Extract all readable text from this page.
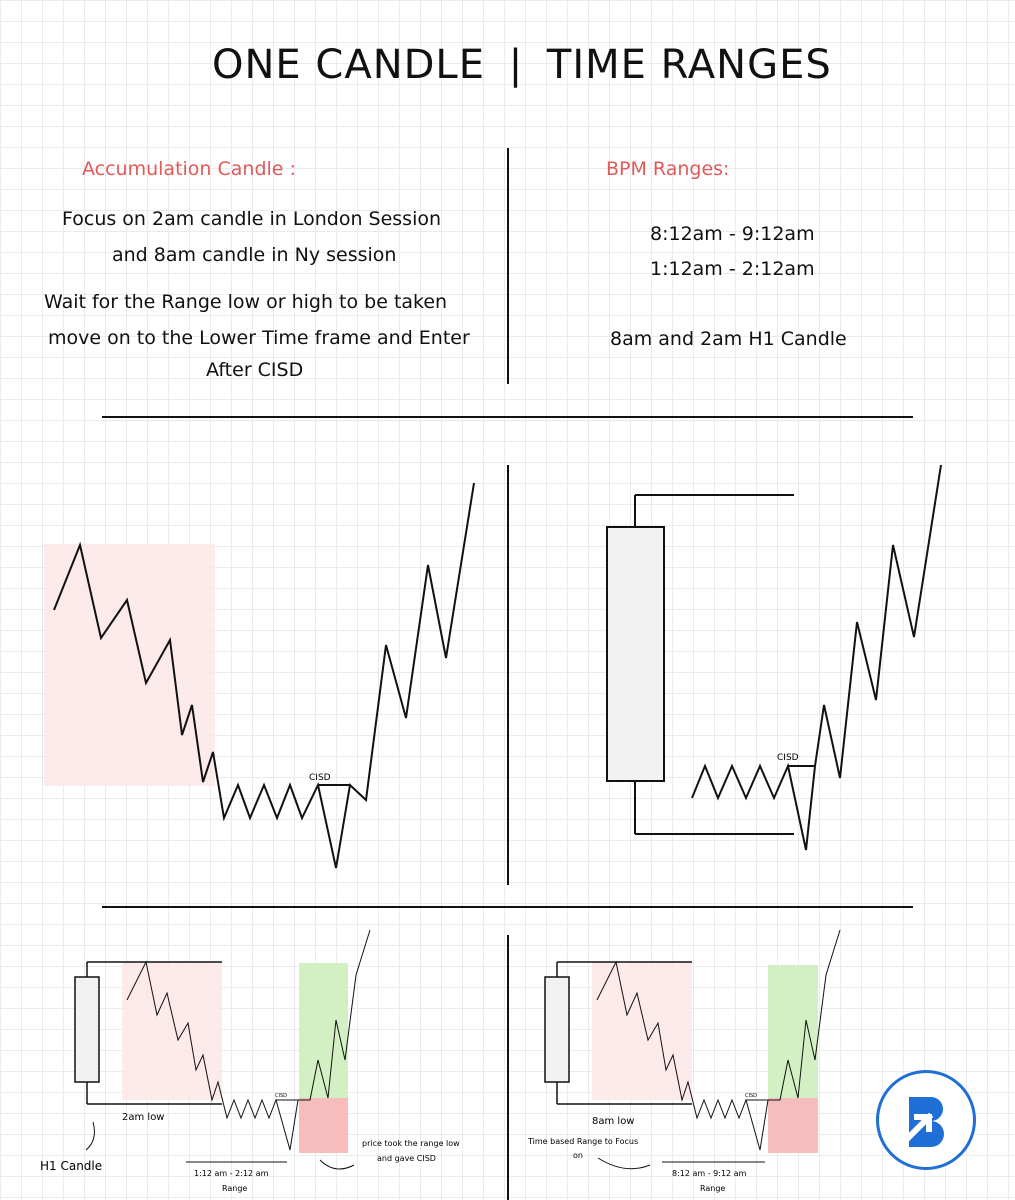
ONE CANDLE | TIME RANGES
Accumulation Candle :
Focus on 2am candle in London Session
and 8am candle in Ny session
Wait for the Range low or high to be taken
move on to the Lower Time frame and Enter
After CISD
BPM Ranges:
8:12am - 9:12am
1:12am - 2:12am
8am and 2am H1 Candle
CISD
CISD
CISD
2am low
H1 Candle
1:12 am - 2:12 am
Range
price took the range low
and gave CISD
CISD
8am low
Time based Range to Focus
on
8:12 am - 9:12 am
Range
